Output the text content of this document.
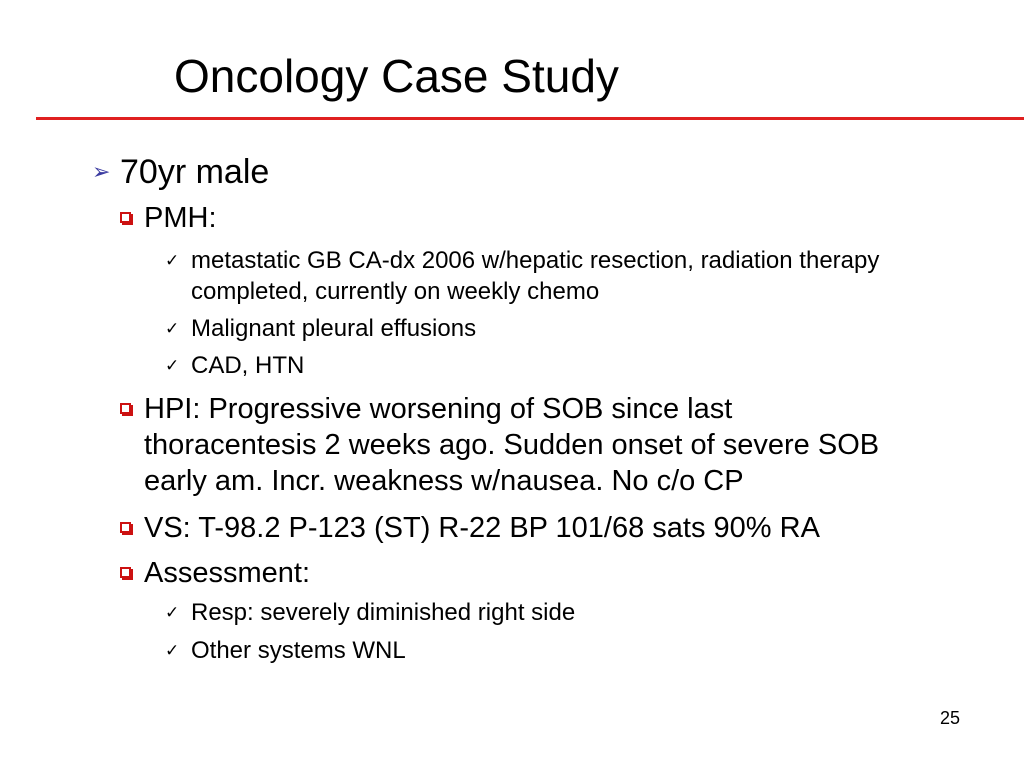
Oncology Case Study
➢ 70yr male
PMH:
✓ metastatic GB CA-dx 2006 w/hepatic resection, radiation therapy
completed, currently on weekly chemo
✓ Malignant pleural effusions
✓ CAD, HTN
HPI: Progressive worsening of SOB since last
thoracentesis 2 weeks ago. Sudden onset of severe SOB
early am. Incr. weakness w/nausea. No c/o CP
VS: T-98.2 P-123 (ST) R-22 BP 101/68 sats 90% RA
Assessment:
✓ Resp: severely diminished right side
✓ Other systems WNL
25
